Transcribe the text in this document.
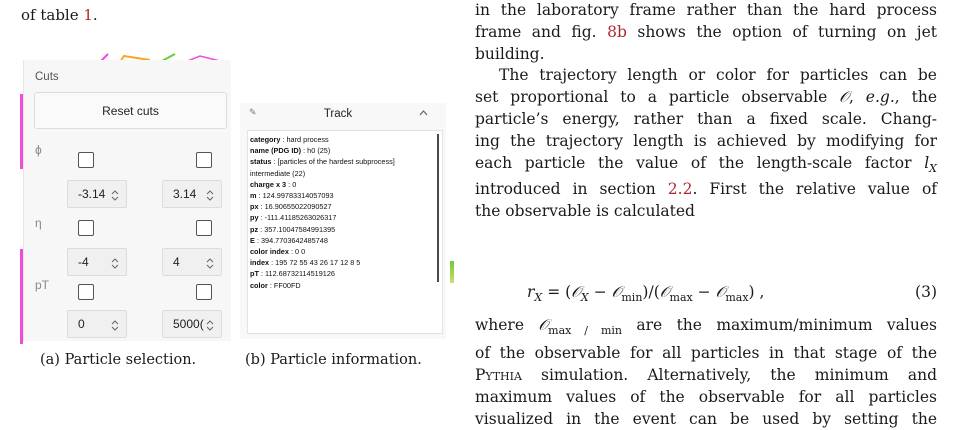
of table 1.
Cuts
Reset cuts
ϕ
-3.14	3.14
η
-4	4
pT
0	5000(
✎	Track
category : hard process
name (PDG ID) : h0 (25)
status : [particles of the hardest subprocess] intermediate (22)
charge x 3 : 0
m : 124.99783314057093
px : 16.90655022090527
py : -111.41185263026317
pz : 357.10047584991395
E : 394.7703642485748
color index : 0 0
index : 195 72 55 43 26 17 12 8 5
pT : 112.68732114519126
color : FF00FD
(a) Particle selection.	(b) Particle information.
in the laboratory frame rather than the hard process
frame and fig. 8b shows the option of turning on jet
building.
The trajectory length or color for particles can be
set proportional to a particle observable 𝒪, e.g., the
particle’s energy, rather than a fixed scale. Chang-
ing the trajectory length is achieved by modifying for
each particle the value of the length-scale factor $l_X$
introduced in section 2.2. First the relative value of
the observable is calculated
$r_X$ = (𝒪$_X$ − 𝒪$_{min}$)/(𝒪$_{max}$ − 𝒪$_{max}$) ,	(3)
where 𝒪$_{max / min}$ are the maximum/minimum values
of the observable for all particles in that stage of the
Pythia simulation. Alternatively, the minimum and
maximum values of the observable for all particles
visualized in the event can be used by setting the
